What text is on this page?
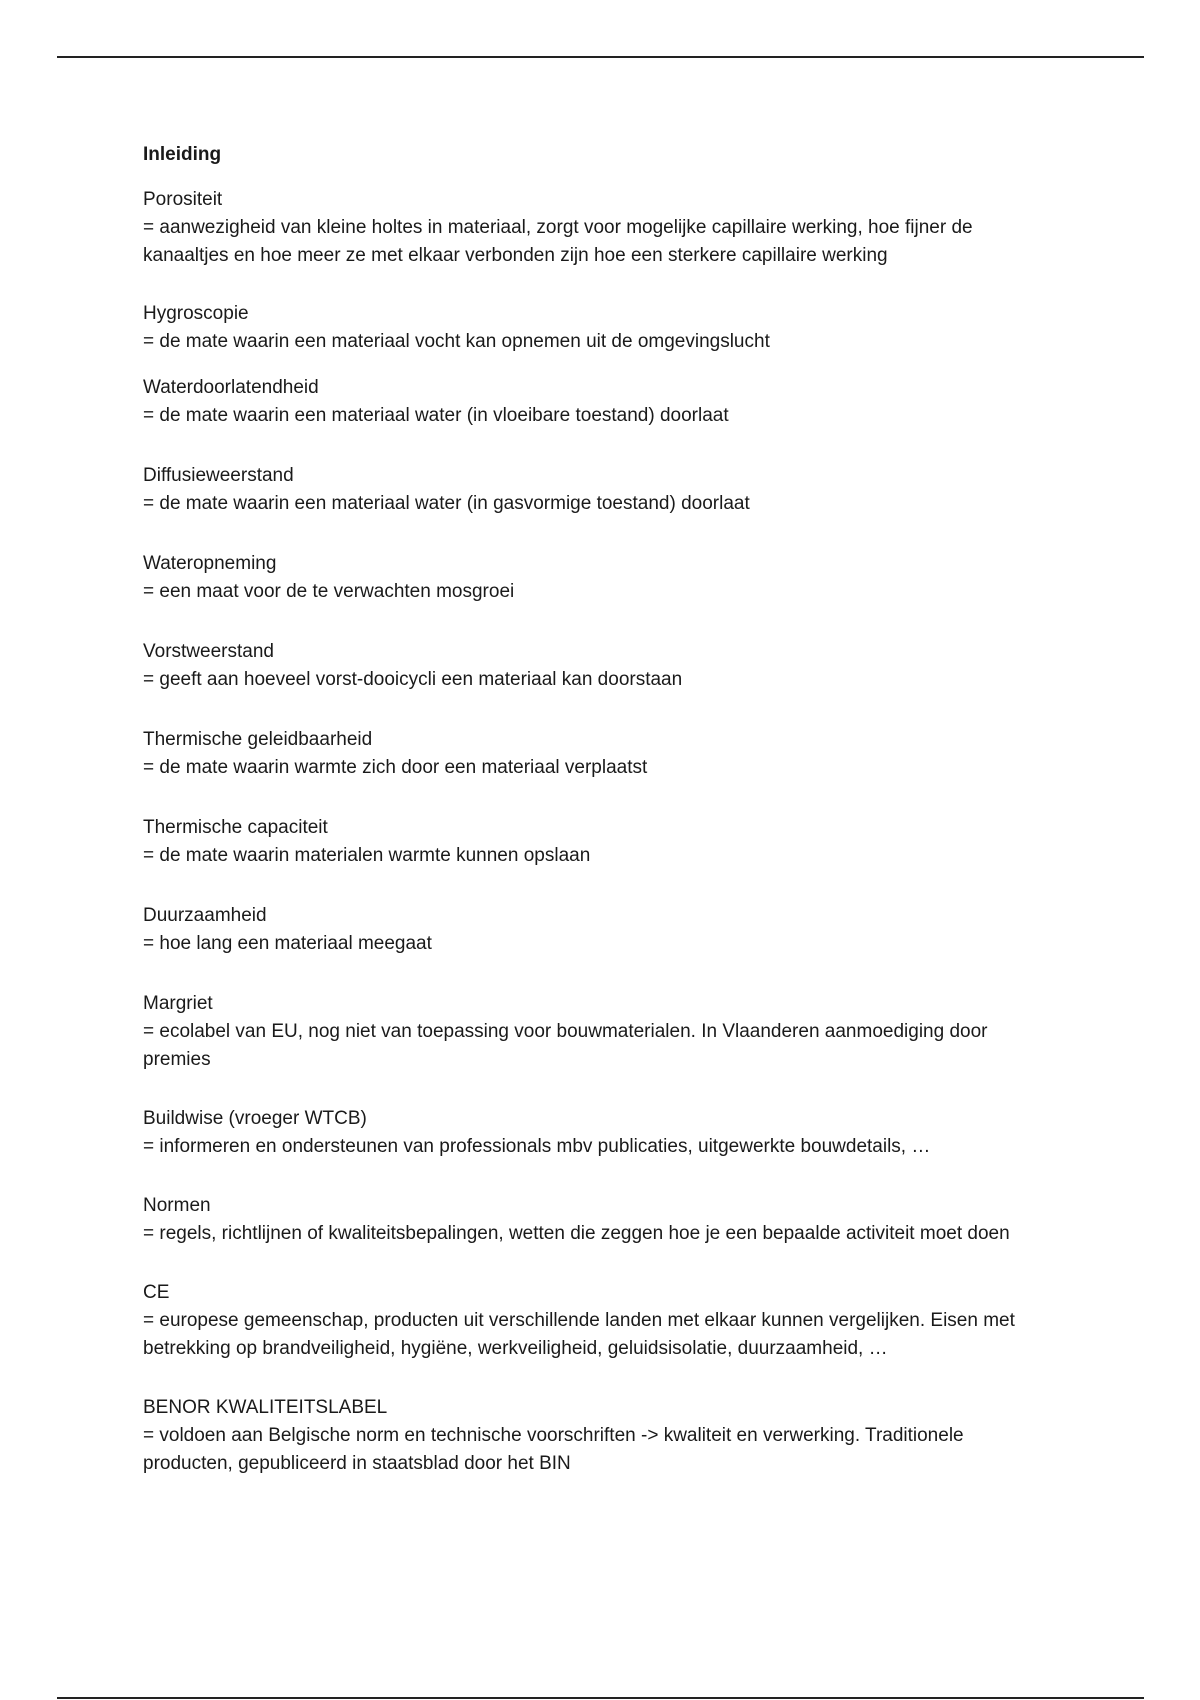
Inleiding
Porositeit
= aanwezigheid van kleine holtes in materiaal, zorgt voor mogelijke capillaire werking, hoe fijner de kanaaltjes en hoe meer ze met elkaar verbonden zijn hoe een sterkere capillaire werking
Hygroscopie
= de mate waarin een materiaal vocht kan opnemen uit de omgevingslucht
Waterdoorlatendheid
= de mate waarin een materiaal water (in vloeibare toestand) doorlaat
Diffusieweerstand
= de mate waarin een materiaal water (in gasvormige toestand) doorlaat
Wateropneming
= een maat voor de te verwachten mosgroei
Vorstweerstand
= geeft aan hoeveel vorst-dooicycli een materiaal kan doorstaan
Thermische geleidbaarheid
= de mate waarin warmte zich door een materiaal verplaatst
Thermische capaciteit
= de mate waarin materialen warmte kunnen opslaan
Duurzaamheid
= hoe lang een materiaal meegaat
Margriet
= ecolabel van EU, nog niet van toepassing voor bouwmaterialen. In Vlaanderen aanmoediging door premies
Buildwise (vroeger WTCB)
= informeren en ondersteunen van professionals mbv publicaties, uitgewerkte bouwdetails, …
Normen
= regels, richtlijnen of kwaliteitsbepalingen, wetten die zeggen hoe je een bepaalde activiteit moet doen
CE
= europese gemeenschap, producten uit verschillende landen met elkaar kunnen vergelijken. Eisen met betrekking op brandveiligheid, hygiëne, werkveiligheid, geluidsisolatie, duurzaamheid, …
BENOR KWALITEITSLABEL
= voldoen aan Belgische norm en technische voorschriften -> kwaliteit en verwerking. Traditionele producten, gepubliceerd in staatsblad door het BIN
